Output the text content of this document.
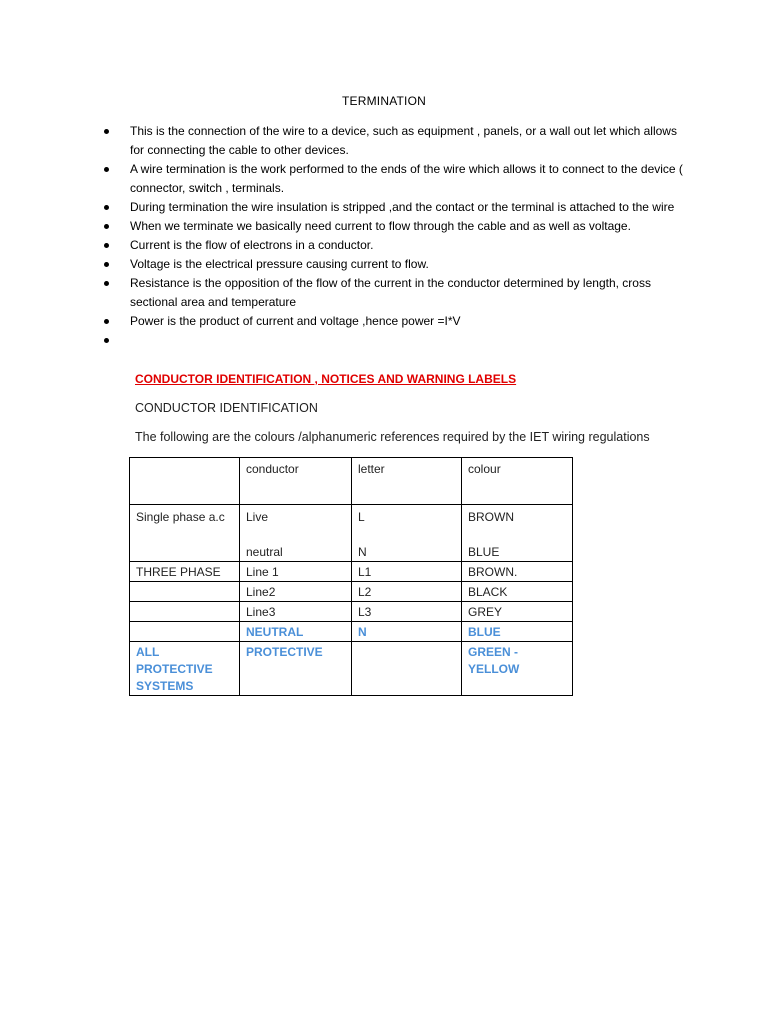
TERMINATION
This is the connection of the wire to a device, such as equipment , panels, or a wall out let which allows for connecting the cable to other devices.
A wire termination is the work performed to the ends of the wire which allows it to connect to the device ( connector, switch , terminals.
During termination the wire insulation is stripped ,and the contact or the terminal is attached to the wire
When we terminate we basically need current to flow through the cable and as well as voltage.
Current is the flow of electrons in a conductor.
Voltage is the electrical pressure causing current to flow.
Resistance is the opposition of the flow of the current in the conductor determined by length, cross sectional area and temperature
Power is the product of current and voltage ,hence power =I*V
CONDUCTOR IDENTIFICATION , NOTICES AND WARNING LABELS
CONDUCTOR IDENTIFICATION
The following are the colours /alphanumeric references required by the IET wiring regulations
	conductor	letter	colour
Single phase a.c	Live	L	BROWN
	neutral	N	BLUE
THREE PHASE	Line 1	L1	BROWN.
	Line2	L2	BLACK
	Line3	L3	GREY
	NEUTRAL	N	BLUE
ALL PROTECTIVE SYSTEMS	PROTECTIVE		GREEN -YELLOW
